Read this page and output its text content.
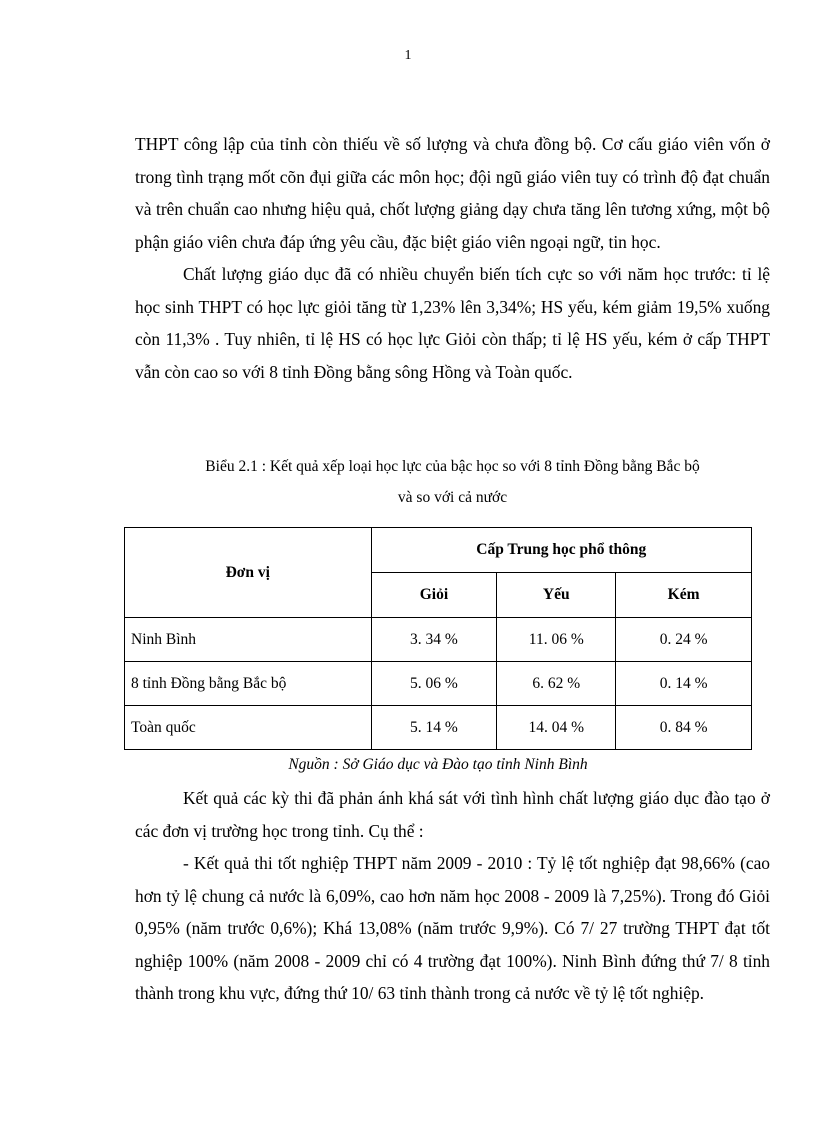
1

THPT công lập của tỉnh còn thiếu về số lượng và chưa đồng bộ. Cơ cấu giáo viên vốn ở trong tình trạng mốt cõn đụi giữa các môn học; đội ngũ giáo viên tuy có trình độ đạt chuẩn và trên chuẩn cao nhưng hiệu quả, chốt lượng giảng dạy chưa tăng lên tương xứng, một bộ phận giáo viên chưa đáp ứng yêu cầu, đặc biệt giáo viên ngoại ngữ, tin học.

Chất lượng giáo dục đã có nhiều chuyển biến tích cực so với năm học trước: tỉ lệ học sinh THPT có học lực giỏi tăng từ 1,23% lên 3,34%; HS yếu, kém giảm 19,5% xuống còn 11,3% . Tuy nhiên, tỉ lệ HS có học lực Giỏi còn thấp; tỉ lệ HS yếu, kém ở cấp THPT vẫn còn cao so với 8 tỉnh Đồng bằng sông Hồng và Toàn quốc.

Biểu 2.1 : Kết quả xếp loại học lực của bậc học so với 8 tỉnh Đồng bằng Bắc bộ
và so với cả nước
Đơn vị	Cấp Trung học phổ thông		
	Giỏi	Yếu	Kém
Ninh Bình	3. 34 %	11. 06 %	0. 24 %
8 tỉnh Đồng bằng Bắc bộ	5. 06 %	6. 62 %	0. 14 %
Toàn quốc	5. 14 %	14. 04 %	0. 84 %
Nguồn : Sở Giáo dục và Đào tạo tỉnh Ninh Bình

Kết quả các kỳ thi đã phản ánh khá sát với tình hình chất lượng giáo dục đào tạo ở các đơn vị trường học trong tỉnh. Cụ thể :

- Kết quả thi tốt nghiệp THPT năm 2009 - 2010 : Tỷ lệ tốt nghiệp đạt 98,66% (cao hơn tỷ lệ chung cả nước là 6,09%, cao hơn năm học 2008 - 2009 là 7,25%). Trong đó Giỏi 0,95% (năm trước 0,6%); Khá 13,08% (năm trước 9,9%). Có 7/ 27 trường THPT đạt tốt nghiệp 100% (năm 2008 - 2009 chỉ có 4 trường đạt 100%). Ninh Bình đứng thứ 7/ 8 tỉnh thành trong khu vực, đứng thứ 10/ 63 tỉnh thành trong cả nước về tỷ lệ tốt nghiệp.
